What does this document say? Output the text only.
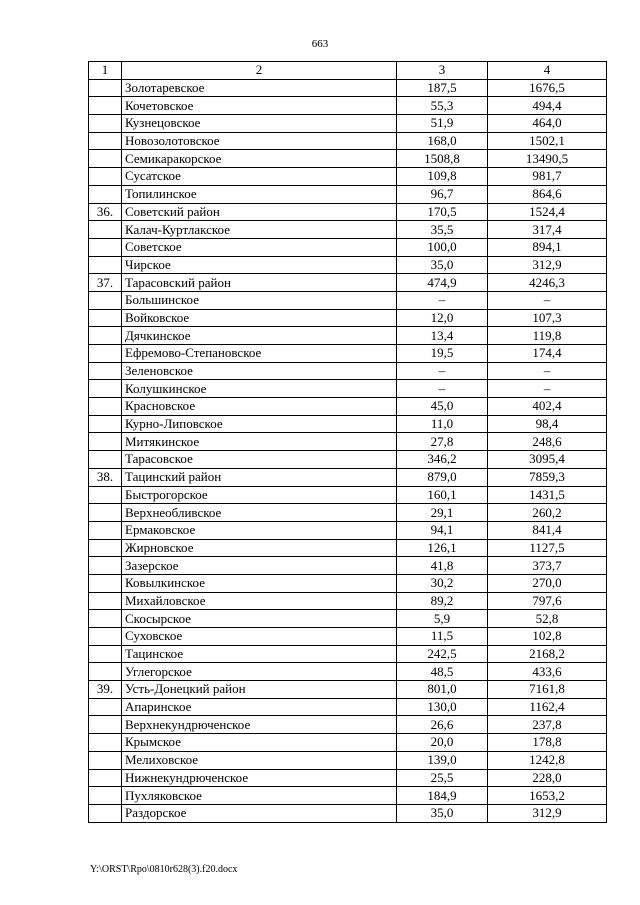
663
1	2	3	4
	Золотаревское	187,5	1676,5
	Кочетовское	55,3	494,4
	Кузнецовское	51,9	464,0
	Новозолотовское	168,0	1502,1
	Семикаракорское	1508,8	13490,5
	Сусатское	109,8	981,7
	Топилинское	96,7	864,6
36.	Советский район	170,5	1524,4
	Калач-Куртлакское	35,5	317,4
	Советское	100,0	894,1
	Чирское	35,0	312,9
37.	Тарасовский район	474,9	4246,3
	Большинское	–	–
	Войковское	12,0	107,3
	Дячкинское	13,4	119,8
	Ефремово-Степановское	19,5	174,4
	Зеленовское	–	–
	Колушкинское	–	–
	Красновское	45,0	402,4
	Курно-Липовское	11,0	98,4
	Митякинское	27,8	248,6
	Тарасовское	346,2	3095,4
38.	Тацинский район	879,0	7859,3
	Быстрогорское	160,1	1431,5
	Верхнеобливское	29,1	260,2
	Ермаковское	94,1	841,4
	Жирновское	126,1	1127,5
	Зазерское	41,8	373,7
	Ковылкинское	30,2	270,0
	Михайловское	89,2	797,6
	Скосырское	5,9	52,8
	Суховское	11,5	102,8
	Тацинское	242,5	2168,2
	Углегорское	48,5	433,6
39.	Усть-Донецкий район	801,0	7161,8
	Апаринское	130,0	1162,4
	Верхнекундрюченское	26,6	237,8
	Крымское	20,0	178,8
	Мелиховское	139,0	1242,8
	Нижнекундрюченское	25,5	228,0
	Пухляковское	184,9	1653,2
	Раздорское	35,0	312,9
Y:\ORST\Rpo\0810r628(3).f20.docx
